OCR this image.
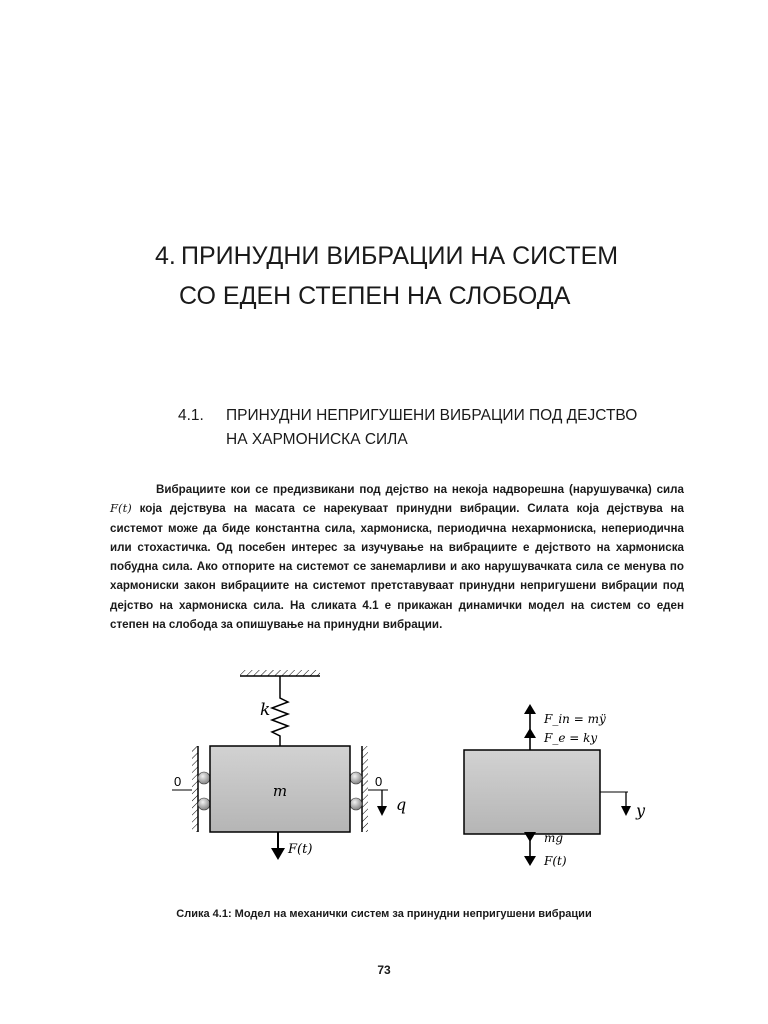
4. ПРИНУДНИ ВИБРАЦИИ НА СИСТЕМ
СО ЕДЕН СТЕПЕН НА СЛОБОДА
4.1. ПРИНУДНИ НЕПРИГУШЕНИ ВИБРАЦИИ ПОД ДЕЈСТВО
НА ХАРМОНИСКА СИЛА

Вибрациите кои се предизвикани под дејство на некоја надворешна (нарушувачка) сила F(t) која дејствува на масата се нарекуваат принудни вибрации. Силата која дејствува на системот може да биде константна сила, хармониска, периодична нехармониска, непериодична или стохастичка. Од посебен интерес за изучување на вибрациите е дејството на хармониска побудна сила. Ако отпорите на системот се занемарливи и ако нарушувачката сила се менува по хармониски закон вибрациите на системот претставуваат принудни непригушени вибрации под дејство на хармониска сила. На сликата 4.1 е прикажан динамички модел на систем со еден степен на слобода за опишување на принудни вибрации.

k
m
0	0
q
F(t)
F_in = mÿ
F_e = ky
y
mg
F(t)
Слика 4.1: Модел на механички систем за принудни непригушени вибрации
73
